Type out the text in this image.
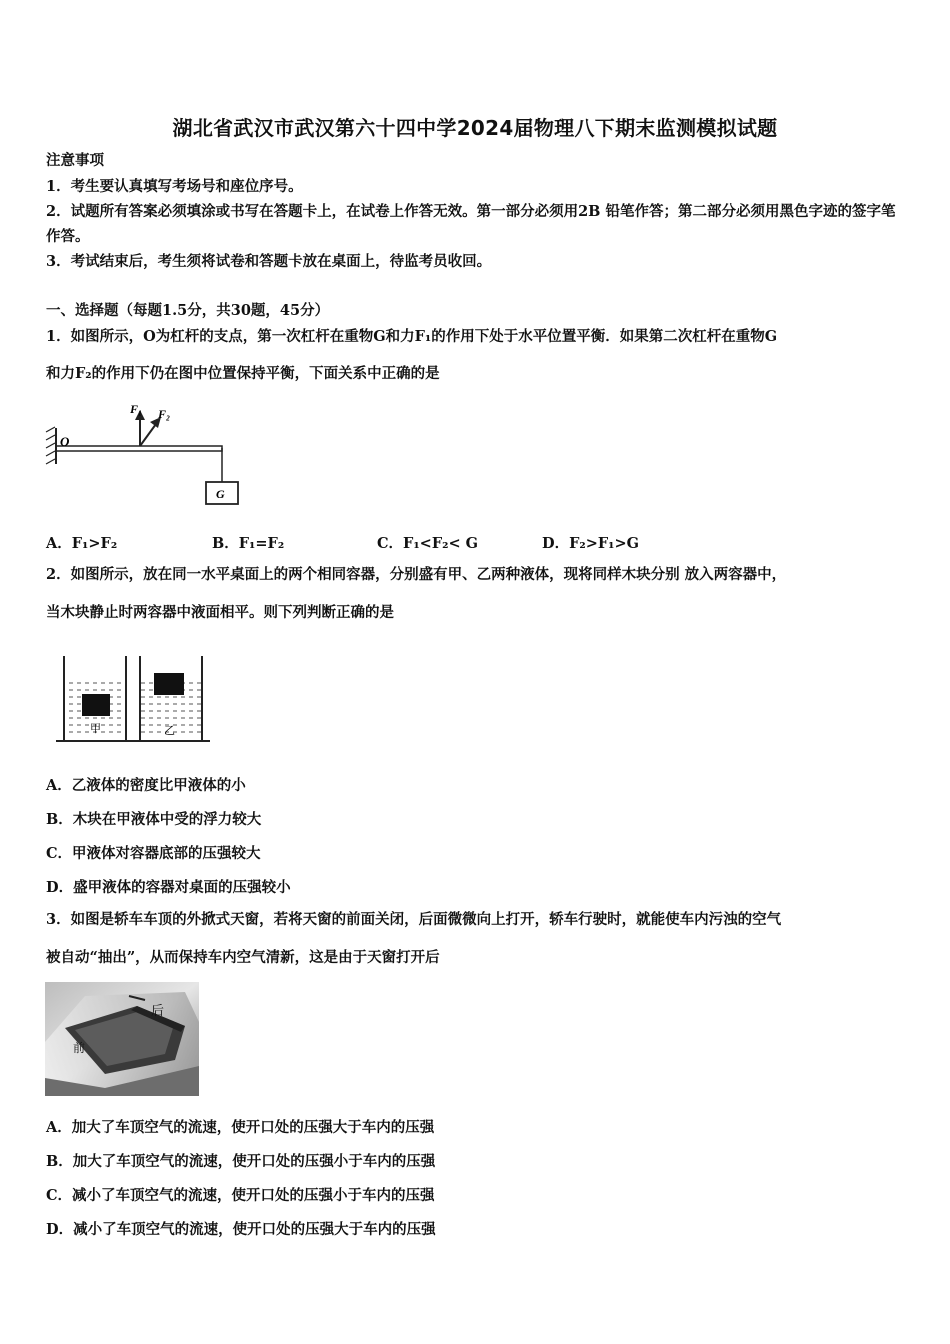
湖北省武汉市武汉第六十四中学2024届物理八下期末监测模拟试题
注意事项
1．考生要认真填写考场号和座位序号。
2．试题所有答案必须填涂或书写在答题卡上，在试卷上作答无效。第一部分必须用2B 铅笔作答；第二部分必须用黑色字迹的签字笔作答。
3．考试结束后，考生须将试卷和答题卡放在桌面上，待监考员收回。
一、选择题（每题1.5分，共30题，45分）
1．如图所示，O为杠杆的支点，第一次杠杆在重物G和力F₁的作用下处于水平位置平衡．如果第二次杠杆在重物G
和力F₂的作用下仍在图中位置保持平衡，下面关系中正确的是
O
F₁ F₂
G
A．F₁>F₂	B．F₁=F₂	C．F₁<F₂< G	D．F₂>F₁>G
2．如图所示，放在同一水平桌面上的两个相同容器，分别盛有甲、乙两种液体，现将同样木块分别 放入两容器中，
当木块静止时两容器中液面相平。则下列判断正确的是
甲	乙
A．乙液体的密度比甲液体的小
B．木块在甲液体中受的浮力较大
C．甲液体对容器底部的压强较大
D．盛甲液体的容器对桌面的压强较小
3．如图是轿车车顶的外掀式天窗，若将天窗的前面关闭，后面微微向上打开，轿车行驶时，就能使车内污浊的空气
被自动“抽出”，从而保持车内空气清新，这是由于天窗打开后
后
前
A．加大了车顶空气的流速，使开口处的压强大于车内的压强
B．加大了车顶空气的流速，使开口处的压强小于车内的压强
C．减小了车顶空气的流速，使开口处的压强小于车内的压强
D．减小了车顶空气的流速，使开口处的压强大于车内的压强
